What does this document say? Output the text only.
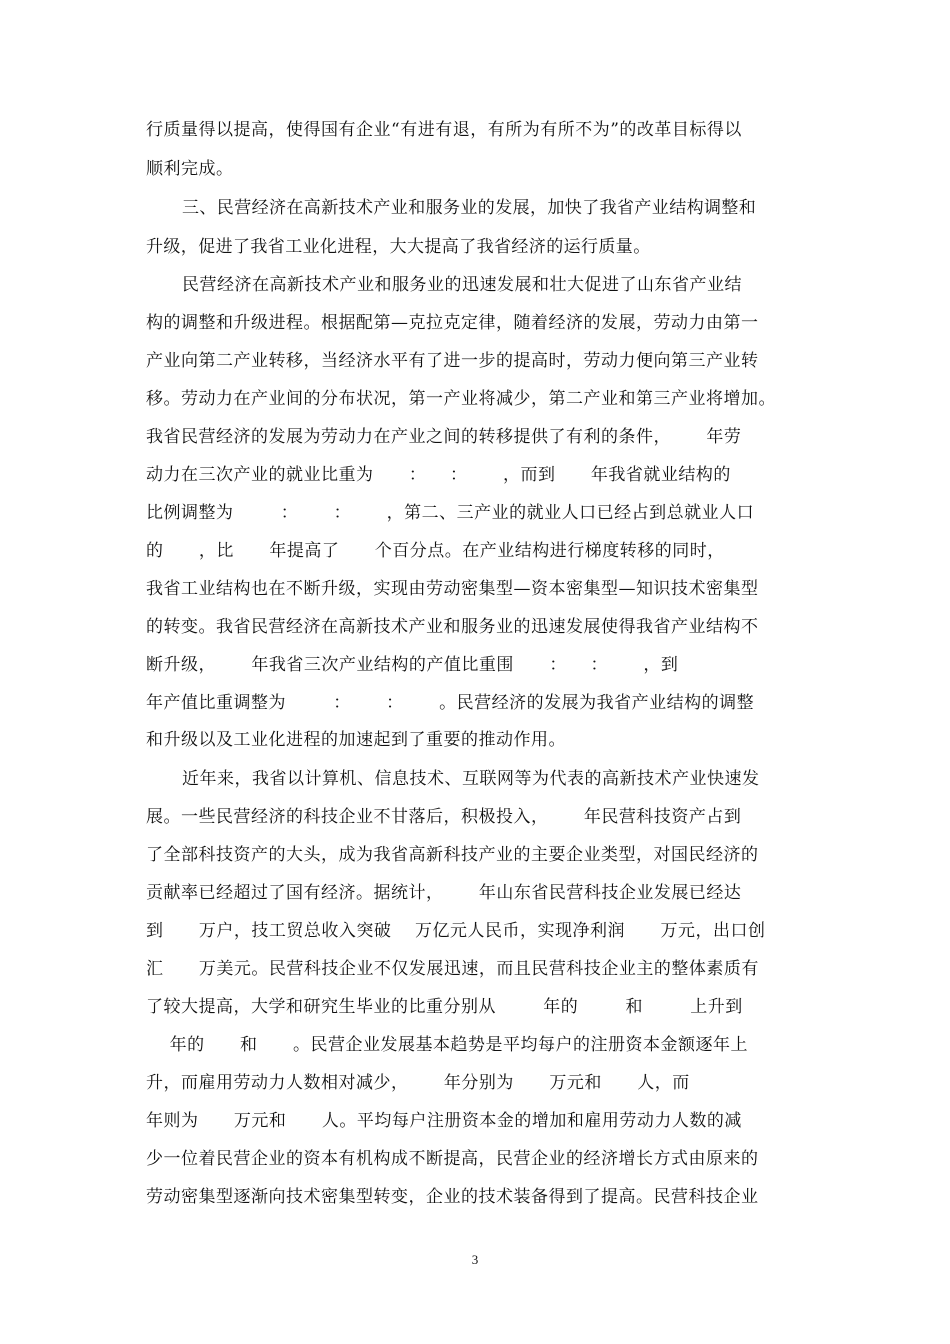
行质量得以提高，使得国有企业“有进有退，有所为有所不为”的改革目标得以
顺利完成。
三、民营经济在高新技术产业和服务业的发展，加快了我省产业结构调整和
升级，促进了我省工业化进程，大大提高了我省经济的运行质量。
民营经济在高新技术产业和服务业的迅速发展和壮大促进了山东省产业结
构的调整和升级进程。根据配第—克拉克定律，随着经济的发展，劳动力由第一
产业向第二产业转移，当经济水平有了进一步的提高时，劳动力便向第三产业转
移。劳动力在产业间的分布状况，第一产业将减少，第二产业和第三产业将增加。
我省民营经济的发展为劳动力在产业之间的转移提供了有利的条件，      年劳
动力在三次产业的就业比重为      ：    ：      ，而到      年我省就业结构的
比例调整为        ：      ：      ，第二、三产业的就业人口已经占到总就业人口
的      ，比      年提高了      个百分点。在产业结构进行梯度转移的同时，
我省工业结构也在不断升级，实现由劳动密集型—资本密集型—知识技术密集型
的转变。我省民营经济在高新技术产业和服务业的迅速发展使得我省产业结构不
断升级，      年我省三次产业结构的产值比重围      ：    ：      ，到
年产值比重调整为        ：      ：      。民营经济的发展为我省产业结构的调整
和升级以及工业化进程的加速起到了重要的推动作用。
近年来，我省以计算机、信息技术、互联网等为代表的高新技术产业快速发
展。一些民营经济的科技企业不甘落后，积极投入，      年民营科技资产占到
了全部科技资产的大头，成为我省高新科技产业的主要企业类型，对国民经济的
贡献率已经超过了国有经济。据统计，      年山东省民营科技企业发展已经达
到      万户，技工贸总收入突破    万亿元人民币，实现净利润      万元，出口创
汇      万美元。民营科技企业不仅发展迅速，而且民营科技企业主的整体素质有
了较大提高，大学和研究生毕业的比重分别从        年的        和        上升到
年的      和      。民营企业发展基本趋势是平均每户的注册资本金额逐年上
升，而雇用劳动力人数相对减少，      年分别为      万元和      人，而
年则为      万元和      人。平均每户注册资本金的增加和雇用劳动力人数的减
少一位着民营企业的资本有机构成不断提高，民营企业的经济增长方式由原来的
劳动密集型逐渐向技术密集型转变，企业的技术装备得到了提高。民营科技企业
3
